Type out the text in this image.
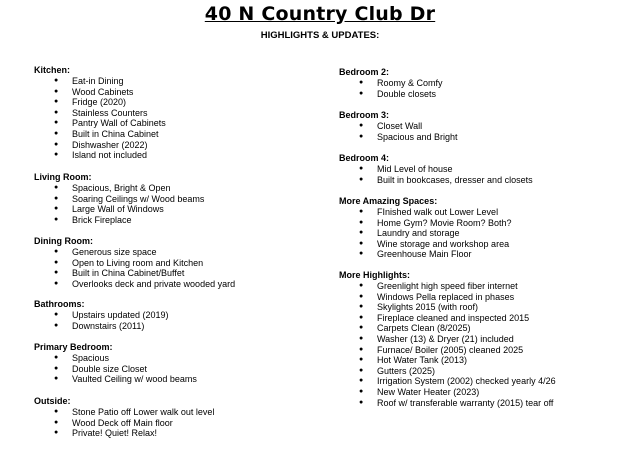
40 N Country Club Dr
HIGHLIGHTS & UPDATES:
Kitchen:
● Eat-in Dining
● Wood Cabinets
● Fridge (2020)
● Stainless Counters
● Pantry Wall of Cabinets
● Built in China Cabinet
● Dishwasher (2022)
● Island not included
Living Room:
● Spacious, Bright & Open
● Soaring Ceilings w/ Wood beams
● Large Wall of Windows
● Brick Fireplace
Dining Room:
● Generous size space
● Open to Living room and Kitchen
● Built in China Cabinet/Buffet
● Overlooks deck and private wooded yard
Bathrooms:
● Upstairs updated (2019)
● Downstairs (2011)
Primary Bedroom:
● Spacious
● Double size Closet
● Vaulted Ceiling w/ wood beams
Outside:
● Stone Patio off Lower walk out level
● Wood Deck off Main floor
● Private! Quiet! Relax!
Bedroom 2:
● Roomy & Comfy
● Double closets
Bedroom 3:
● Closet Wall
● Spacious and Bright
Bedroom 4:
● Mid Level of house
● Built in bookcases, dresser and closets
More Amazing Spaces:
● FInished walk out Lower Level
● Home Gym? Movie Room? Both?
● Laundry and storage
● Wine storage and workshop area
● Greenhouse Main Floor
More Highlights:
● Greenlight high speed fiber internet
● Windows Pella replaced in phases
● Skylights 2015 (with roof)
● Fireplace cleaned and inspected 2015
● Carpets Clean (8/2025)
● Washer (13) & Dryer (21) included
● Furnace/ Boiler (2005) cleaned 2025
● Hot Water Tank (2013)
● Gutters (2025)
● Irrigation System (2002) checked yearly 4/26
● New Water Heater (2023)
● Roof w/ transferable warranty (2015) tear off
